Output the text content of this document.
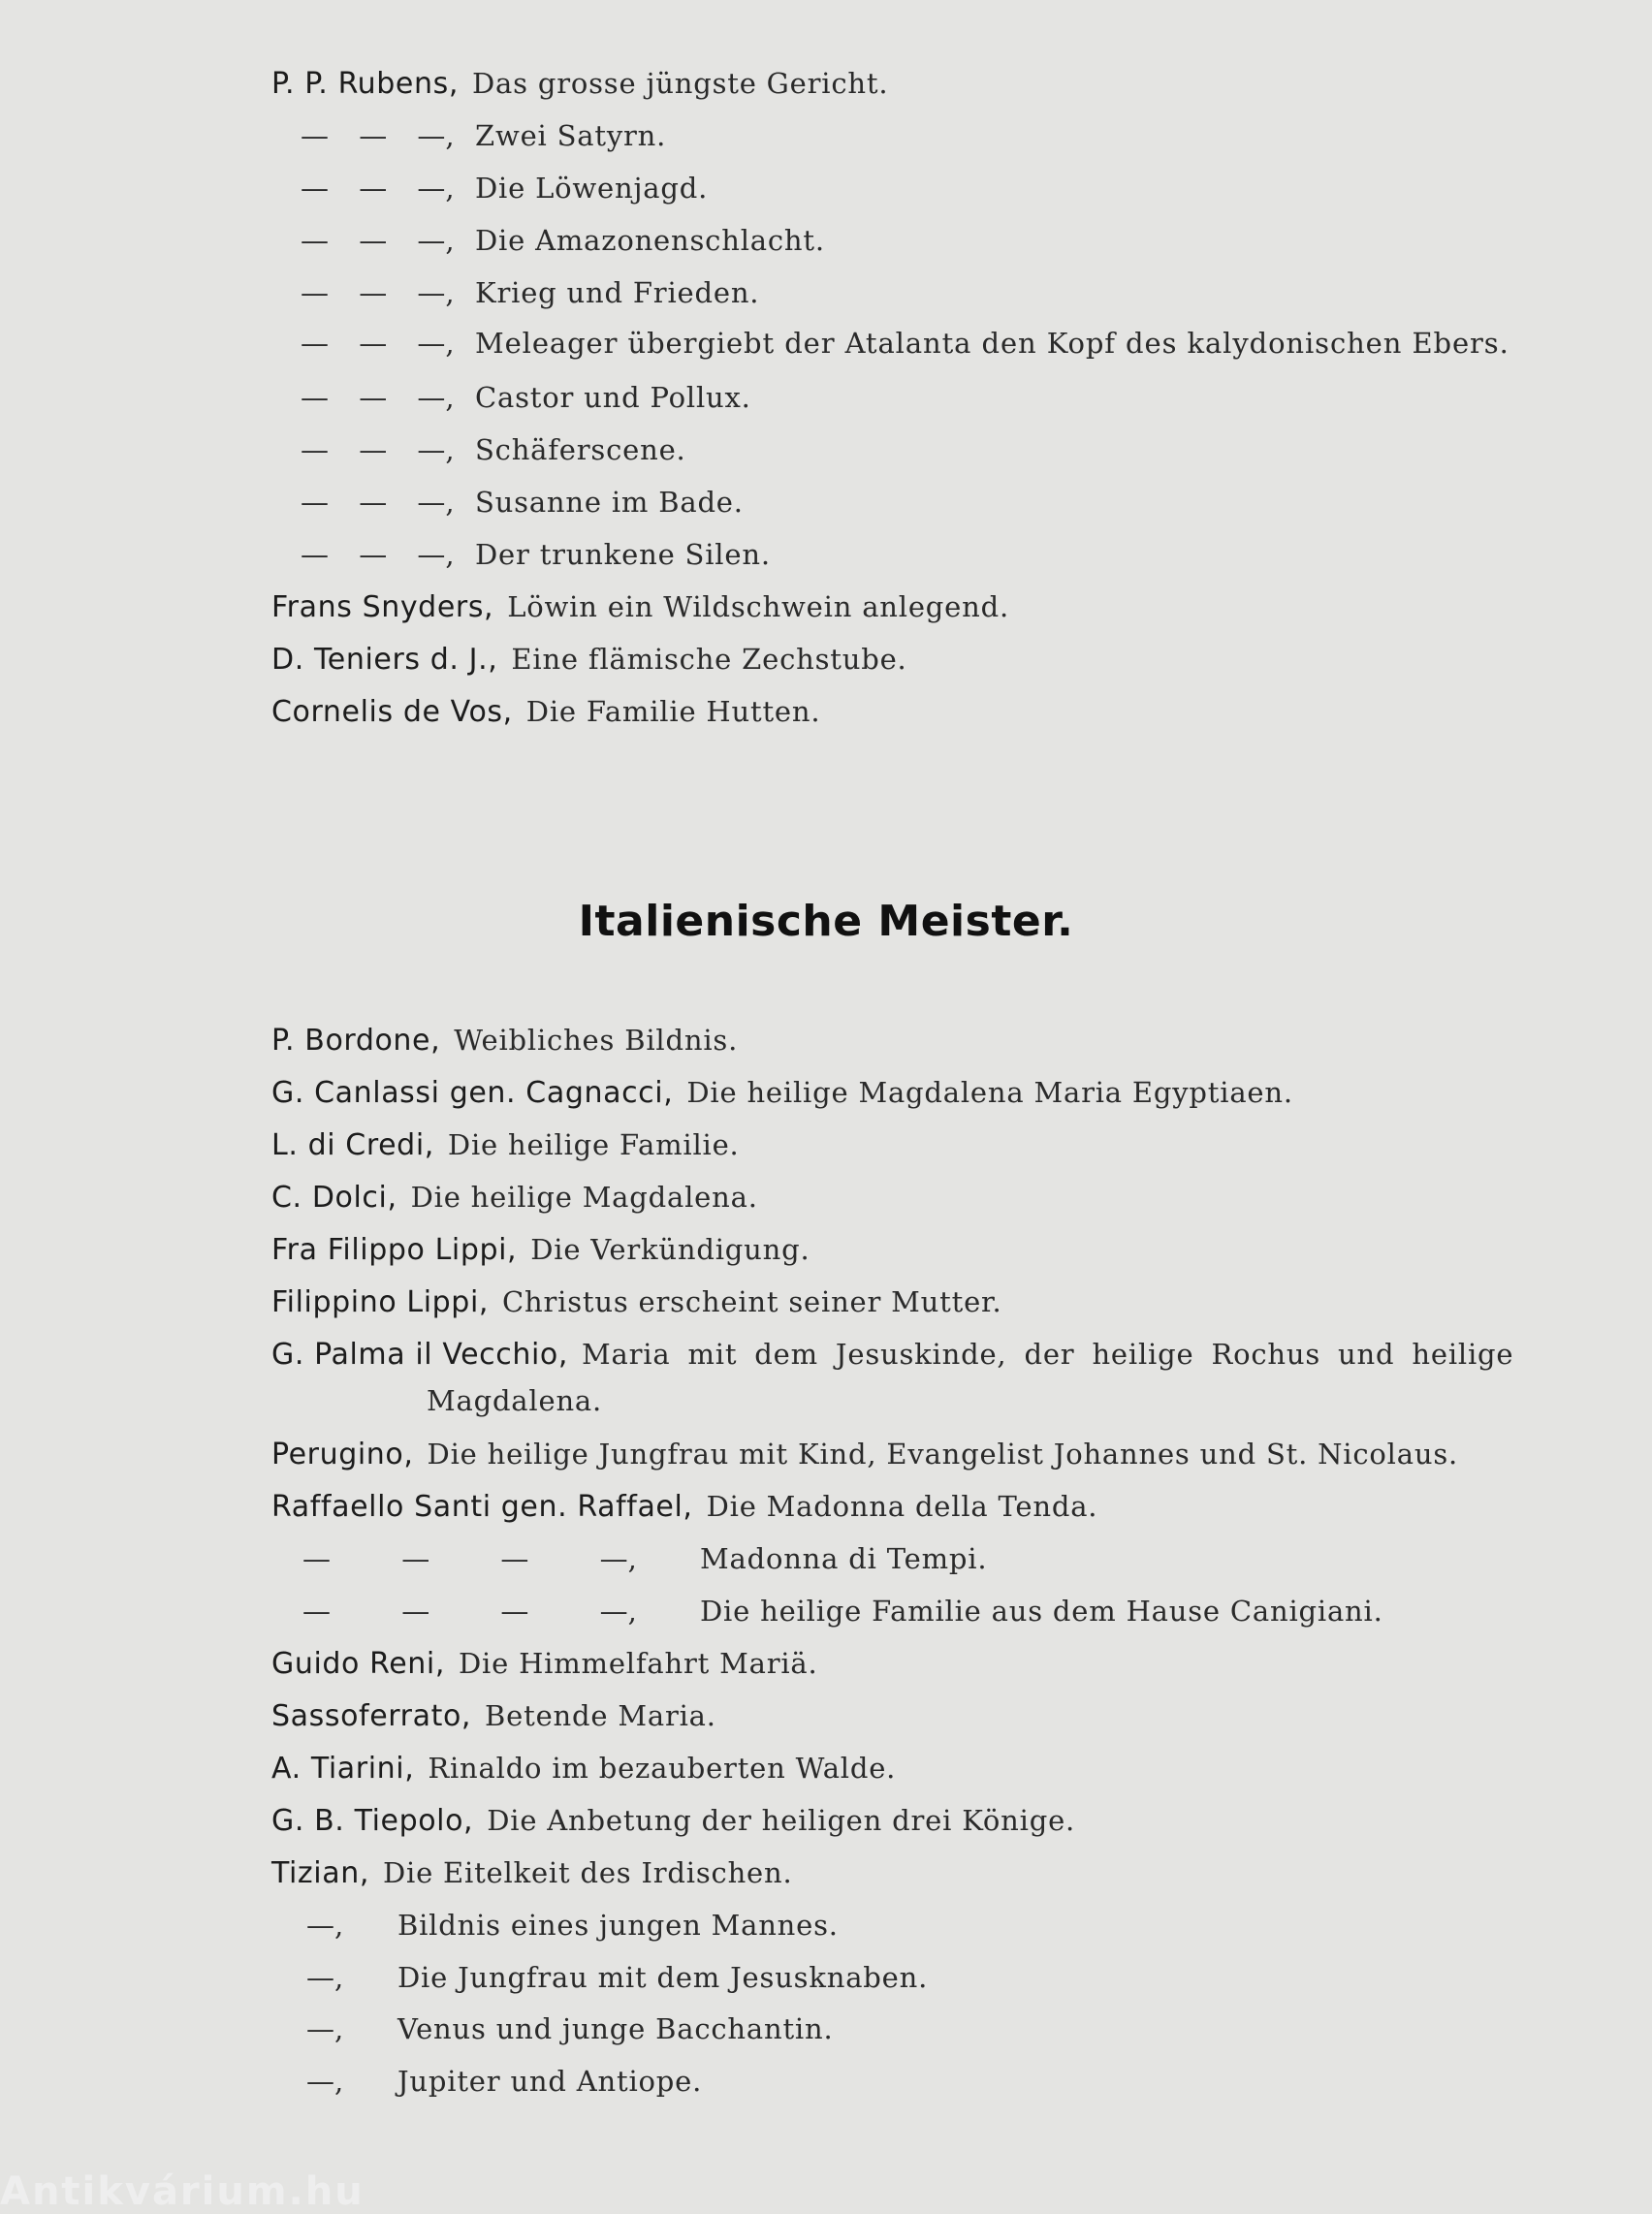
P. P. Rubens, Das grosse jüngste Gericht.
— — —, Zwei Satyrn.
— — —, Die Löwenjagd.
— — —, Die Amazonenschlacht.
— — —, Krieg und Frieden.
— — —, Meleager übergiebt der Atalanta den Kopf des kalydonischen Ebers.
— — —, Castor und Pollux.
— — —, Schäferscene.
— — —, Susanne im Bade.
— — —, Der trunkene Silen.
Frans Snyders, Löwin ein Wildschwein anlegend.
D. Teniers d. J., Eine flämische Zechstube.
Cornelis de Vos, Die Familie Hutten.
Italienische Meister.
P. Bordone, Weibliches Bildnis.
G. Canlassi gen. Cagnacci, Die heilige Magdalena Maria Egyptiaen.
L. di Credi, Die heilige Familie.
C. Dolci, Die heilige Magdalena.
Fra Filippo Lippi, Die Verkündigung.
Filippino Lippi, Christus erscheint seiner Mutter.
G. Palma il Vecchio, Maria mit dem Jesuskinde, der heilige Rochus und heilige
Magdalena.
Perugino, Die heilige Jungfrau mit Kind, Evangelist Johannes und St. Nicolaus.
Raffaello Santi gen. Raffael, Die Madonna della Tenda.
— — — —, Madonna di Tempi.
— — — —, Die heilige Familie aus dem Hause Canigiani.
Guido Reni, Die Himmelfahrt Mariä.
Sassoferrato, Betende Maria.
A. Tiarini, Rinaldo im bezauberten Walde.
G. B. Tiepolo, Die Anbetung der heiligen drei Könige.
Tizian, Die Eitelkeit des Irdischen.
—, Bildnis eines jungen Mannes.
—, Die Jungfrau mit dem Jesusknaben.
—, Venus und junge Bacchantin.
—, Jupiter und Antiope.
Antikvárium.hu
